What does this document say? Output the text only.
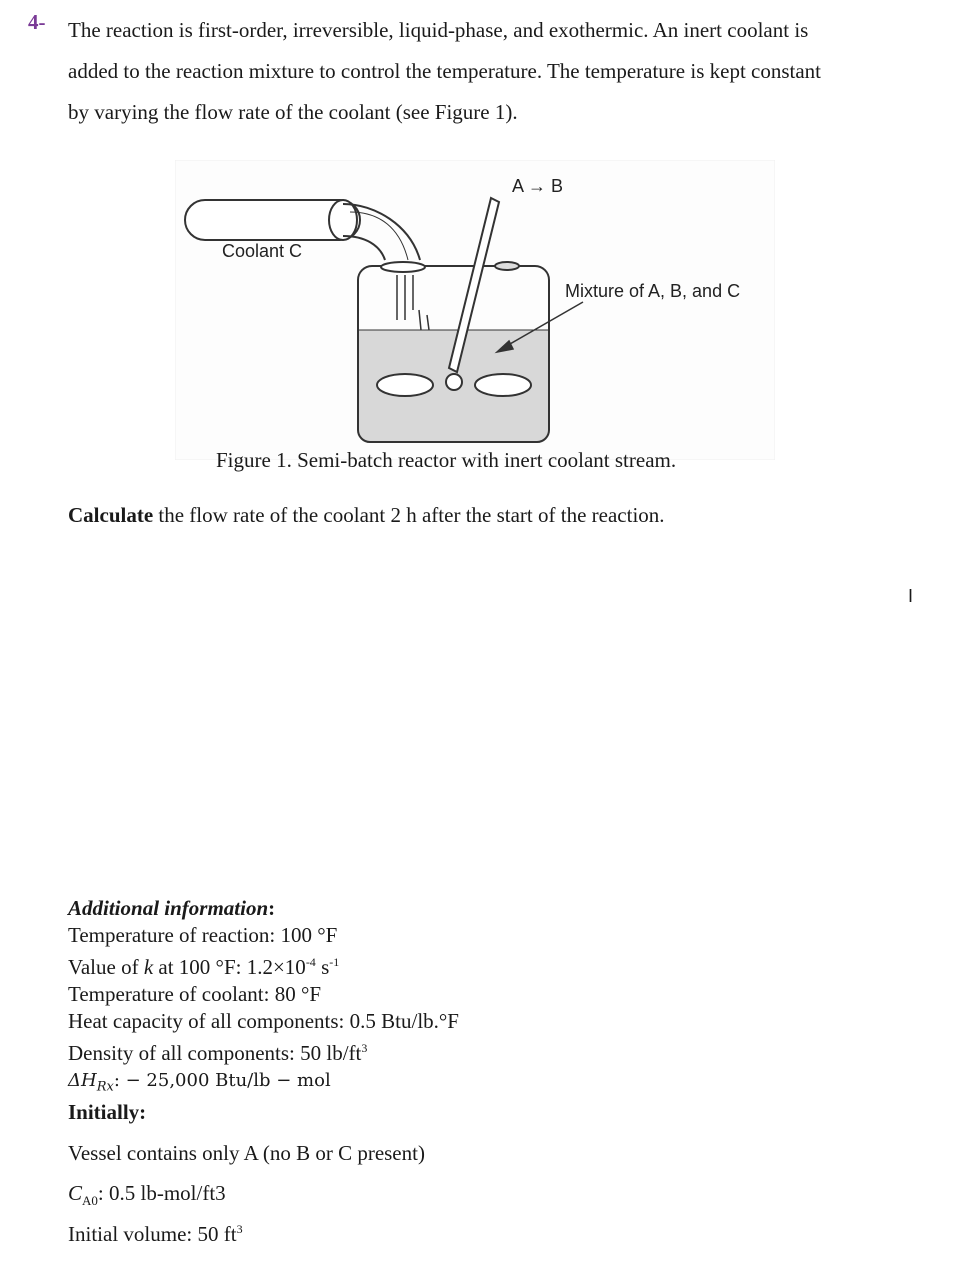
4- The reaction is first-order, irreversible, liquid-phase, and exothermic. An inert coolant is
added to the reaction mixture to control the temperature. The temperature is kept constant
by varying the flow rate of the coolant (see Figure 1).
A → B
Coolant C
Mixture of A, B, and C
Figure 1. Semi-batch reactor with inert coolant stream.
Calculate the flow rate of the coolant 2 h after the start of the reaction.
I
Additional information:
Temperature of reaction: 100 °F
Value of k at 100 °F: $1.2\times 10^{-4}$ $s^{-1}$
Temperature of coolant: 80 °F
Heat capacity of all components: 0.5 Btu/lb.°F
Density of all components: 50 $lb/ft^3$
$\Delta H_{Rx}$: − 25,000 Btu/lb − mol
Initially:
Vessel contains only A (no B or C present)
$C_{A0}$: 0.5 lb-mol/ft3
Initial volume: 50 $ft^3$
